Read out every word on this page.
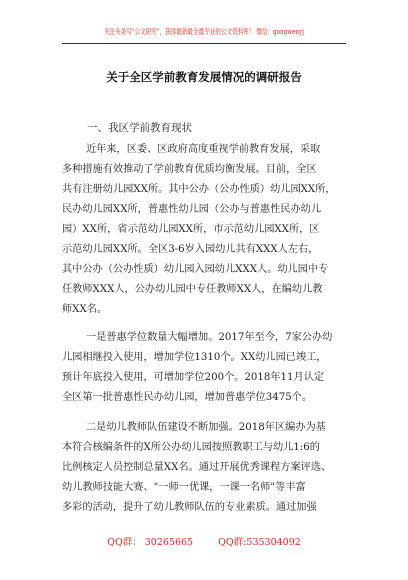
关注头条号"公文研究"，获得最新最全最专业的公文资料库！ 微信：gongwenyj
关于全区学前教育发展情况的调研报告
一、我区学前教育现状
近年来，区委、区政府高度重视学前教育发展，采取
多种措施有效推动了学前教育优质均衡发展。目前，全区
共有注册幼儿园XX所。其中公办（公办性质）幼儿园XX所，
民办幼儿园XX所，普惠性幼儿园（公办与普惠性民办幼儿
园）XX所，省示范幼儿园XX所，市示范幼儿园XX所，区
示范幼儿园XX所。全区3-6岁入园幼儿共有XXX人左右，
其中公办（公办性质）幼儿园入园幼儿XXX人。幼儿园中专
任教师XXX人，公办幼儿园中专任教师XX人，在编幼儿教
师XX名。
一是普惠学位数量大幅增加。2017年至今，7家公办幼
儿园相继投入使用，增加学位1310个。XX幼儿园已竣工，
预计年底投入使用，可增加学位200个。2018年11月认定
全区第一批普惠性民办幼儿园，增加普惠学位3475个。
二是幼儿教师队伍建设不断加强。2018年区编办为基
本符合核编条件的X所公办幼儿园按照教职工与幼儿1:6的
比例核定人员控制总量XX名。通过开展优秀课程方案评选、
幼儿教师技能大赛、"一师一优课，一课一名师"等丰富
多彩的活动，提升了幼儿教师队伍的专业素质。通过加强
QQ群： 30265665	QQ群:535304092
